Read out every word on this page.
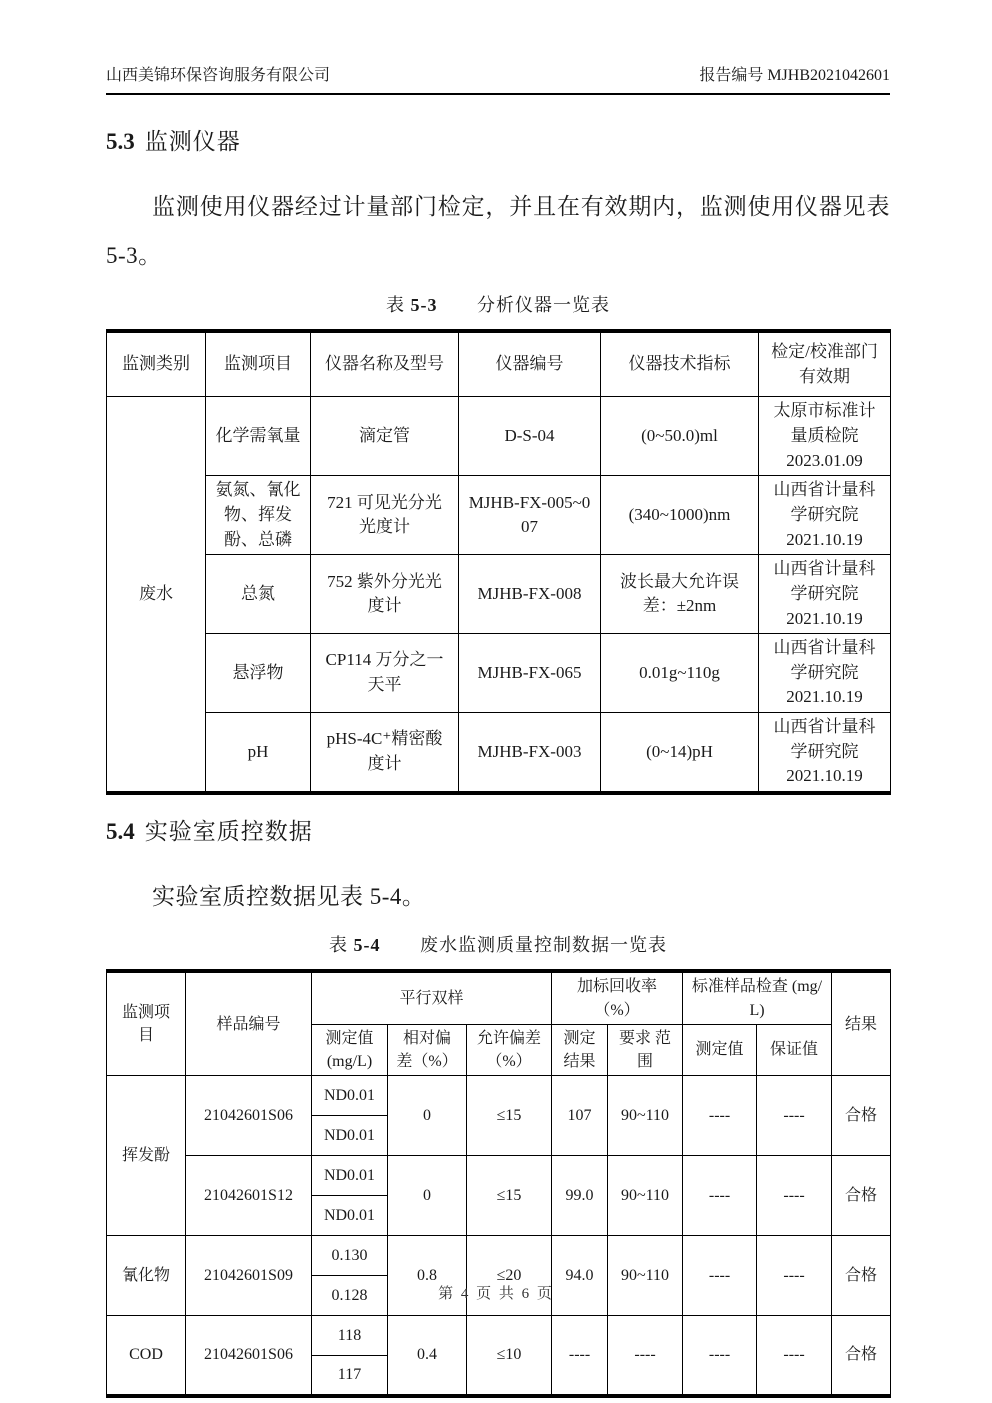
山西美锦环保咨询服务有限公司	报告编号 MJHB2021042601
5.3 监测仪器

监测使用仪器经过计量部门检定，并且在有效期内，监测使用仪器见表 5-3。

表 5-3 分析仪器一览表
监测类别	监测项目	仪器名称及型号	仪器编号	仪器技术指标	检定/校准部门有效期
废水	化学需氧量	滴定管	D-S-04	(0~50.0)ml	太原市标准计量质检院
2023.01.09

	氨氮、氰化物、挥发酚、总磷	721 可见光分光光度计	MJHB-FX-005~007	(340~1000)nm	山西省计量科学研究院
2021.10.19

	总氮	752 紫外分光光度计	MJHB-FX-008	波长最大允许误差：±2nm	山西省计量科学研究院
2021.10.19

	悬浮物	CP114 万分之一天平	MJHB-FX-065	0.01g~110g	山西省计量科学研究院
2021.10.19

	pH	pHS-4C⁺精密酸度计	MJHB-FX-003	(0~14)pH	山西省计量科学研究院
2021.10.19
5.4 实验室质控数据

实验室质控数据见表 5-4。

表 5-4 废水监测质量控制数据一览表
监测项目	样品编号	平行双样			加标回收率 （%）		标准样品检查 (mg/L)		结果
		测定值 (mg/L)	相对偏差（%）	允许偏差（%）	测定 结果	要求 范围	测定值	保证值	
挥发酚	21042601S06	ND0.01	0	≤15	107	90~110	----	----	合格
		ND0.01							
	21042601S12	ND0.01	0	≤15	99.0	90~110	----	----	合格
		ND0.01							
氰化物	21042601S09	0.130	0.8	≤20	94.0	90~110	----	----	合格
		0.128							
COD	21042601S06	118	0.4	≤10	----	----	----	----	合格
		117							
第 4 页 共 6 页
